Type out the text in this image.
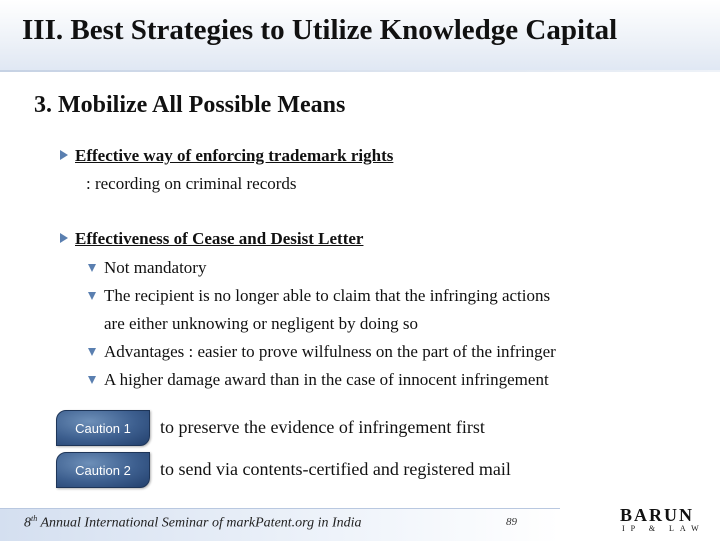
III. Best Strategies to Utilize Knowledge Capital
3. Mobilize All Possible Means
Effective way of enforcing trademark rights
: recording on criminal records
Effectiveness of Cease and Desist Letter
Not mandatory
The recipient is no longer able to claim that the infringing actions
are either unknowing or negligent by doing so
Advantages : easier to prove wilfulness on the part of the infringer
A higher damage award than in the case of innocent infringement
Caution 1	to preserve the evidence of infringement first
Caution 2	to send via contents-certified and registered mail
8th Annual International Seminar of markPatent.org in India	89	BARUN
IP & LAW
